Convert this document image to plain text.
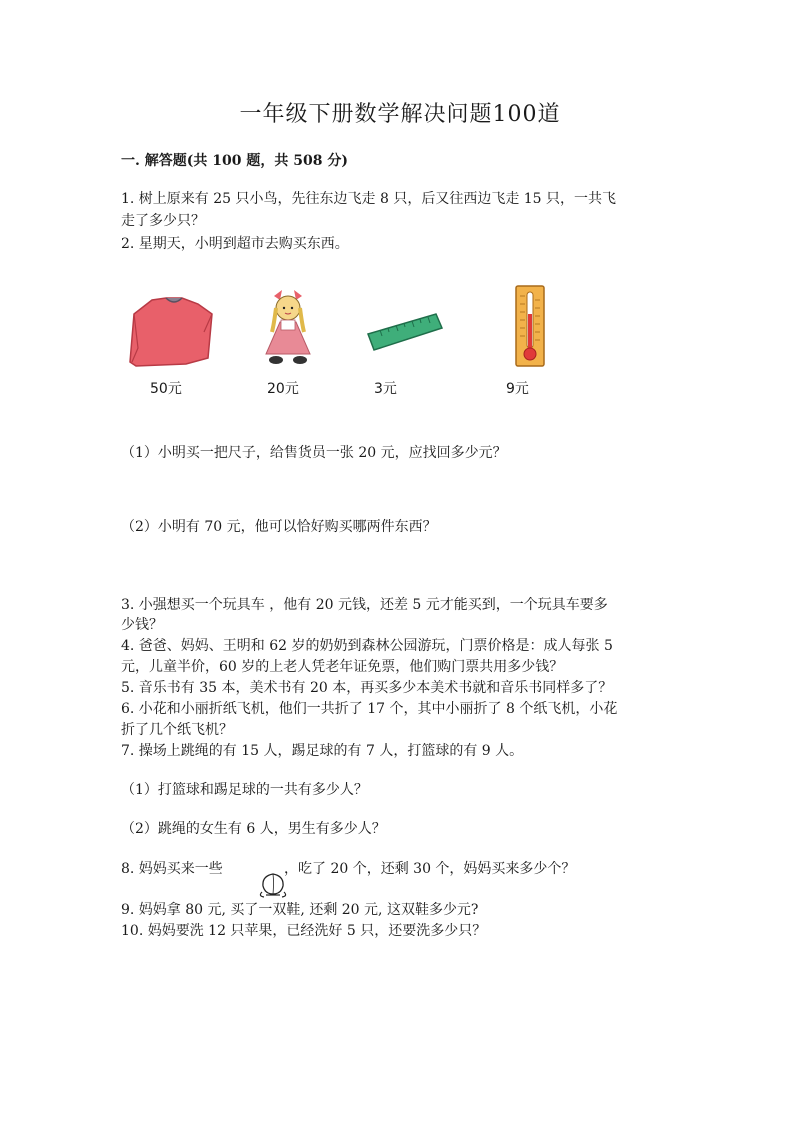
一年级下册数学解决问题100道
一. 解答题(共 100 题，共 508 分)
1. 树上原来有 25 只小鸟，先往东边飞走 8 只，后又往西边飞走 15 只，一共飞
走了多少只？
2. 星期天，小明到超市去购买东西。
50元	20元	3元	9元
（1）小明买一把尺子，给售货员一张 20 元，应找回多少元？
（2）小明有 70 元，他可以恰好购买哪两件东西？
3. 小强想买一个玩具车 ，他有 20 元钱，还差 5 元才能买到，一个玩具车要多
少钱？
4. 爸爸、妈妈、王明和 62 岁的奶奶到森林公园游玩，门票价格是：成人每张 5
元，儿童半价，60 岁的上老人凭老年证免票，他们购门票共用多少钱？
5. 音乐书有 35 本，美术书有 20 本，再买多少本美术书就和音乐书同样多了？
6. 小花和小丽折纸飞机，他们一共折了 17 个，其中小丽折了 8 个纸飞机，小花
折了几个纸飞机？
7. 操场上跳绳的有 15 人，踢足球的有 7 人，打篮球的有 9 人。
（1）打篮球和踢足球的一共有多少人？
（2）跳绳的女生有 6 人，男生有多少人？
8. 妈妈买来一些	，吃了 20 个，还剩 30 个，妈妈买来多少个？
9. 妈妈拿 80 元, 买了一双鞋, 还剩 20 元, 这双鞋多少元?
10. 妈妈要洗 12 只苹果，已经洗好 5 只，还要洗多少只？
